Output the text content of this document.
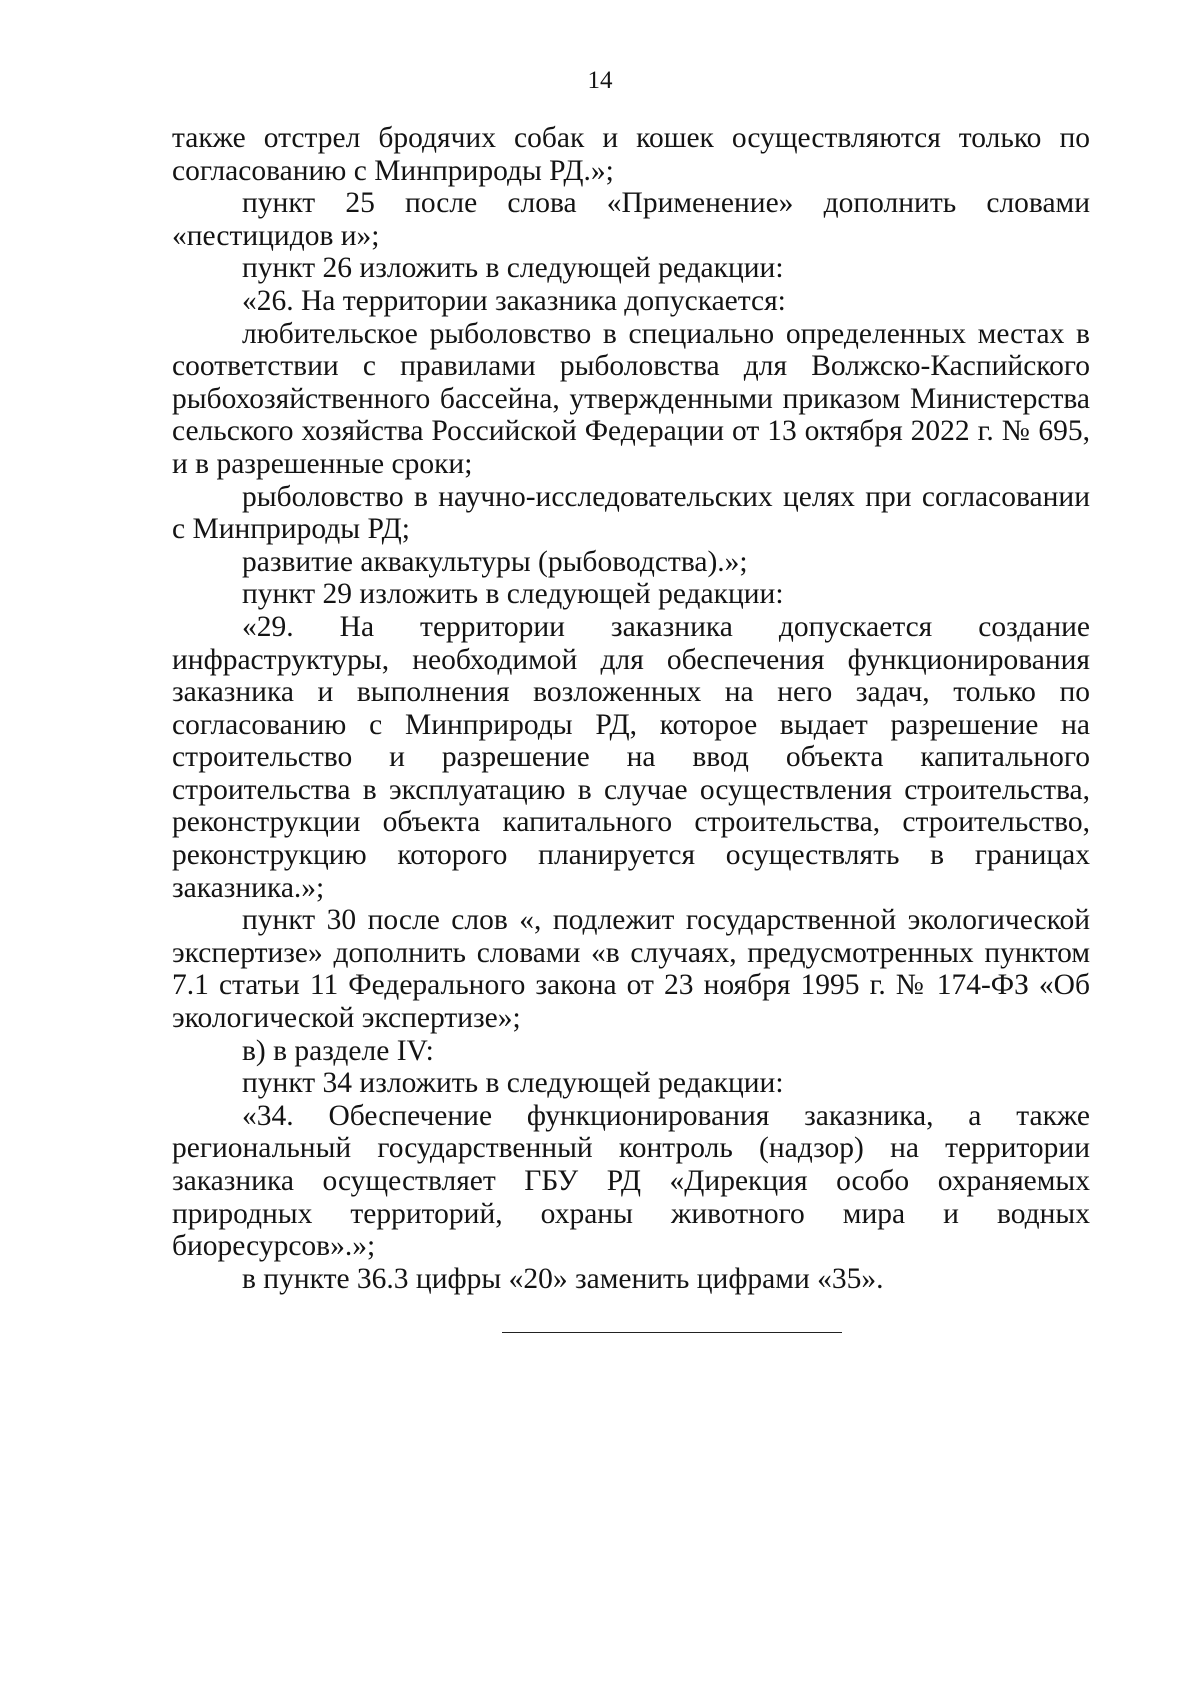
14

также отстрел бродячих собак и кошек осуществляются только по согласованию с Минприроды РД.»;

пункт 25 после слова «Применение» дополнить словами «пестицидов и»;

пункт 26 изложить в следующей редакции:

«26. На территории заказника допускается:

любительское рыболовство в специально определенных местах в соответствии с правилами рыболовства для Волжско-Каспийского рыбохозяйственного бассейна, утвержденными приказом Министерства сельского хозяйства Российской Федерации от 13 октября 2022 г. № 695, и в разрешенные сроки;

рыболовство в научно-исследовательских целях при согласовании с Минприроды РД;

развитие аквакультуры (рыбоводства).»;

пункт 29 изложить в следующей редакции:

«29. На территории заказника допускается создание инфраструктуры, необходимой для обеспечения функционирования заказника и выполнения возложенных на него задач, только по согласованию с Минприроды РД, которое выдает разрешение на строительство и разрешение на ввод объекта капитального строительства в эксплуатацию в случае осуществления строительства, реконструкции объекта капитального строительства, строительство, реконструкцию которого планируется осуществлять в границах заказника.»;

пункт 30 после слов «, подлежит государственной экологической экспертизе» дополнить словами «в случаях, предусмотренных пунктом 7.1 статьи 11 Федерального закона от 23 ноября 1995 г. № 174-ФЗ «Об экологической экспертизе»;

в) в разделе IV:

пункт 34 изложить в следующей редакции:

«34. Обеспечение функционирования заказника, а также региональный государственный контроль (надзор) на территории заказника осуществляет ГБУ РД «Дирекция особо охраняемых природных территорий, охраны животного мира и водных биоресурсов».»;

в пункте 36.3 цифры «20» заменить цифрами «35».
